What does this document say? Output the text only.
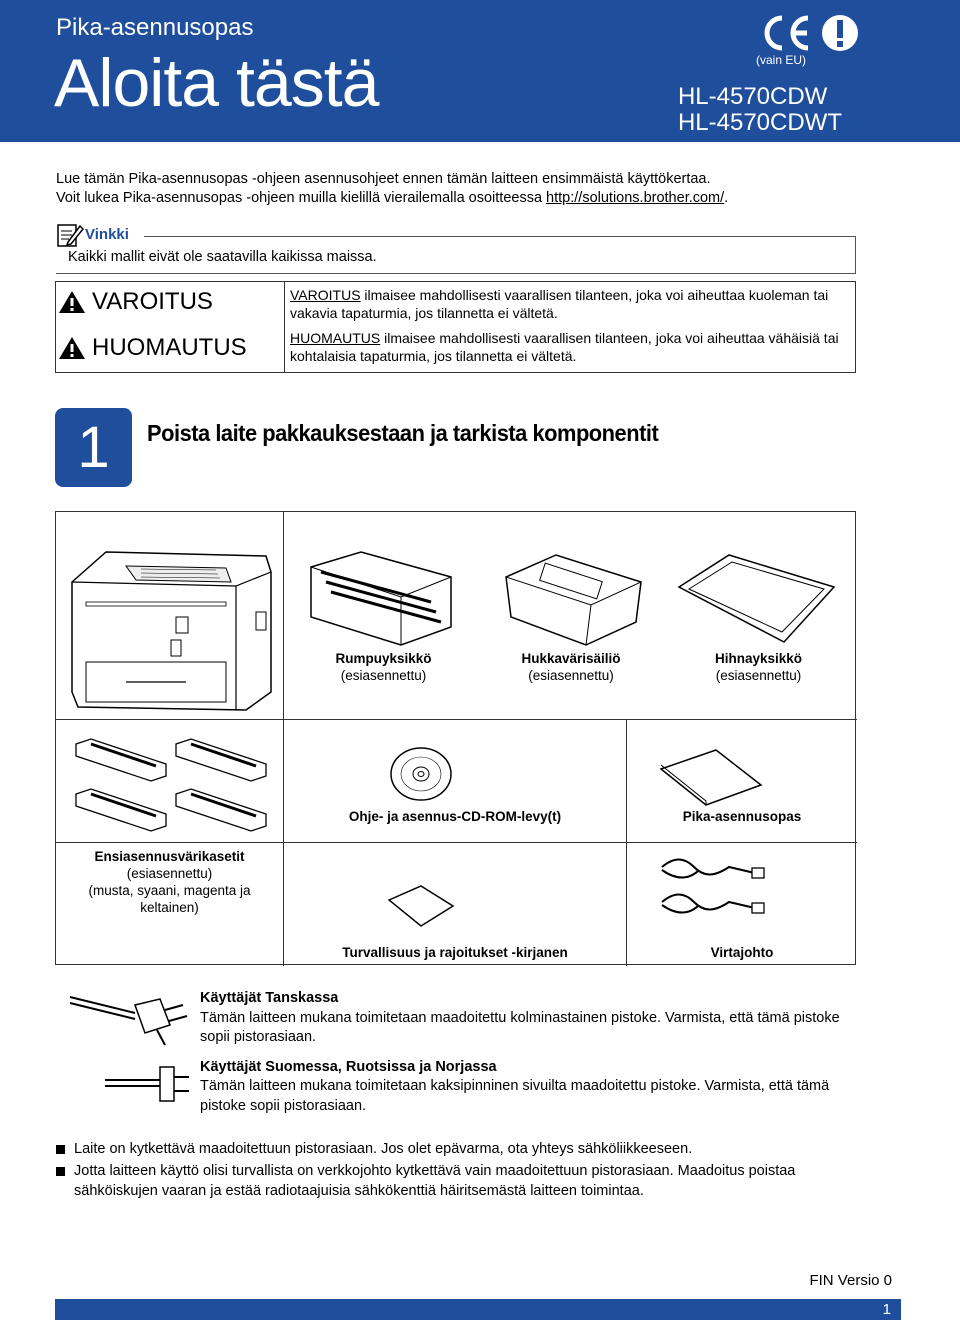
Pika-asennusopas
Aloita tästä	(vain EU)
HL-4570CDW
HL-4570CDWT
Lue tämän Pika-asennusopas -ohjeen asennusohjeet ennen tämän laitteen ensimmäistä käyttökertaa.
Voit lukea Pika-asennusopas -ohjeen muilla kielillä vierailemalla osoitteessa http://solutions.brother.com/.
Vinkki
Kaikki mallit eivät ole saatavilla kaikissa maissa.
VAROITUS
HUOMAUTUS

VAROITUS ilmaisee mahdollisesti vaarallisen tilanteen, joka voi aiheuttaa kuoleman tai vakavia tapaturmia, jos tilannetta ei vältetä.

HUOMAUTUS ilmaisee mahdollisesti vaarallisen tilanteen, joka voi aiheuttaa vähäisiä tai kohtalaisia tapaturmia, jos tilannetta ei vältetä.

1	Poista laite pakkauksestaan ja tarkista komponentit
Rumpuyksikkö
(esiasennettu)
Hukkavärisäiliö
(esiasennettu)
Hihnayksikkö
(esiasennettu)
Ohje- ja asennus-CD-ROM-levy(t)	Pika-asennusopas
Ensiasennusvärikasetit
(esiasennettu)
(musta, syaani, magenta ja
keltainen)
Turvallisuus ja rajoitukset -kirjanen	Virtajohto

Käyttäjät Tanskassa
Tämän laitteen mukana toimitetaan maadoitettu kolminastainen pistoke. Varmista, että tämä pistoke sopii pistorasiaan.

Käyttäjät Suomessa, Ruotsissa ja Norjassa
Tämän laitteen mukana toimitetaan kaksipinninen sivuilta maadoitettu pistoke. Varmista, että tämä pistoke sopii pistorasiaan.

Laite on kytkettävä maadoitettuun pistorasiaan. Jos olet epävarma, ota yhteys sähköliikkeeseen.
Jotta laitteen käyttö olisi turvallista on verkkojohto kytkettävä vain maadoitettuun pistorasiaan. Maadoitus poistaa sähköiskujen vaaran ja estää radiotaajuisia sähkökenttiä häiritsemästä laitteen toimintaa.
FIN Versio 0
1
